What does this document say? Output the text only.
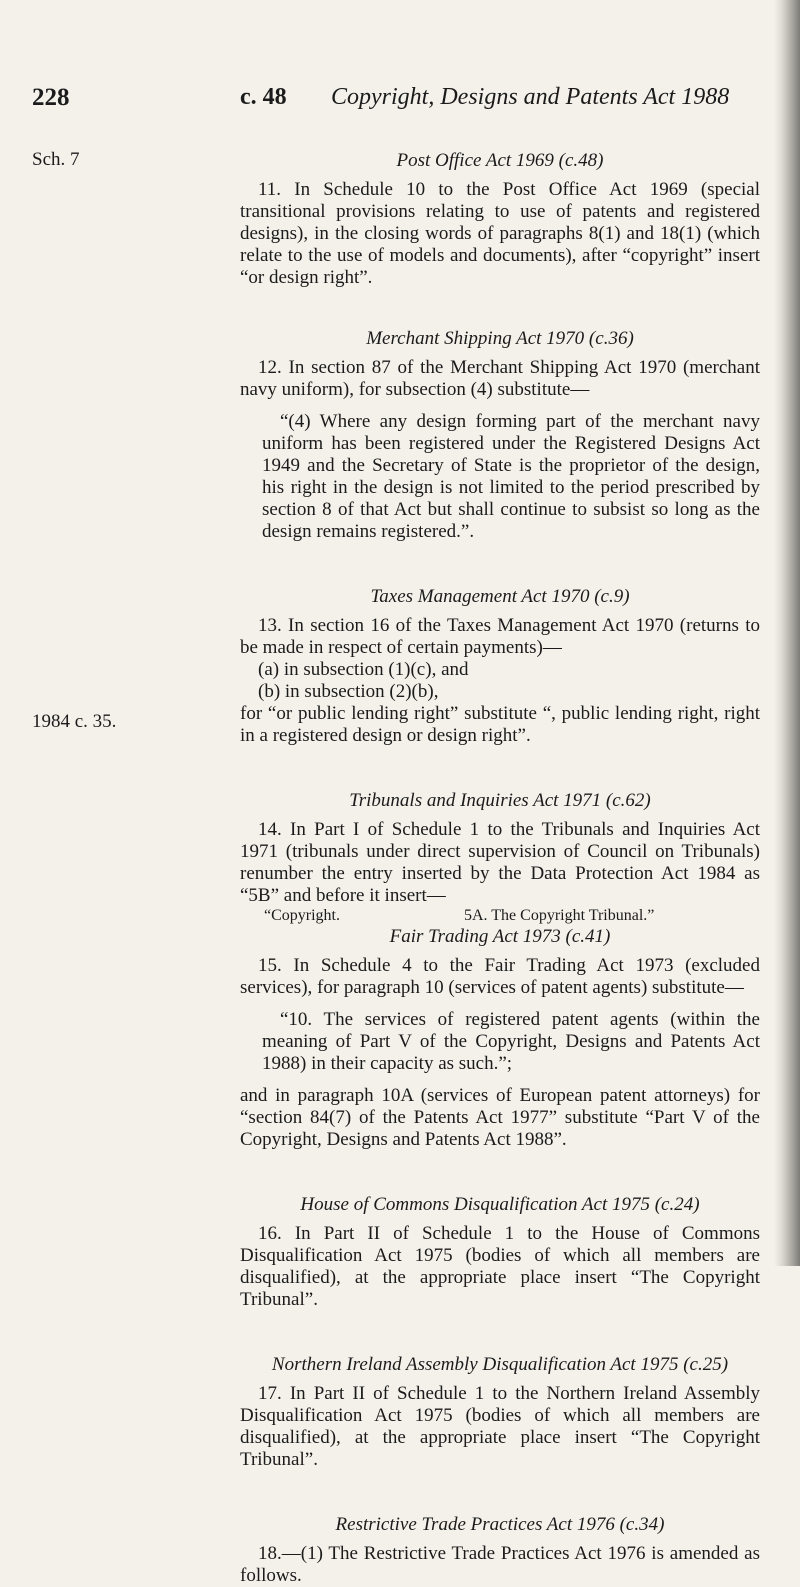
228	c. 48 Copyright, Designs and Patents Act 1988
Sch. 7
1984 c. 35.
Post Office Act 1969 (c.48)

11. In Schedule 10 to the Post Office Act 1969 (special transitional provisions relating to use of patents and registered designs), in the closing words of paragraphs 8(1) and 18(1) (which relate to the use of models and documents), after “copyright” insert “or design right”.

Merchant Shipping Act 1970 (c.36)

12. In section 87 of the Merchant Shipping Act 1970 (merchant navy uniform), for subsection (4) substitute—

“(4) Where any design forming part of the merchant navy uniform has been registered under the Registered Designs Act 1949 and the Secretary of State is the proprietor of the design, his right in the design is not limited to the period prescribed by section 8 of that Act but shall continue to subsist so long as the design remains registered.”.

Taxes Management Act 1970 (c.9)

13. In section 16 of the Taxes Management Act 1970 (returns to be made in respect of certain payments)—

(a) in subsection (1)(c), and

(b) in subsection (2)(b),

for “or public lending right” substitute “, public lending right, right in a registered design or design right”.

Tribunals and Inquiries Act 1971 (c.62)

14. In Part I of Schedule 1 to the Tribunals and Inquiries Act 1971 (tribunals under direct supervision of Council on Tribunals) renumber the entry inserted by the Data Protection Act 1984 as “5B” and before it insert—

“Copyright.	5A. The Copyright Tribunal.”
Fair Trading Act 1973 (c.41)

15. In Schedule 4 to the Fair Trading Act 1973 (excluded services), for paragraph 10 (services of patent agents) substitute—

“10. The services of registered patent agents (within the meaning of Part V of the Copyright, Designs and Patents Act 1988) in their capacity as such.”;

and in paragraph 10A (services of European patent attorneys) for “section 84(7) of the Patents Act 1977” substitute “Part V of the Copyright, Designs and Patents Act 1988”.

House of Commons Disqualification Act 1975 (c.24)

16. In Part II of Schedule 1 to the House of Commons Disqualification Act 1975 (bodies of which all members are disqualified), at the appropriate place insert “The Copyright Tribunal”.

Northern Ireland Assembly Disqualification Act 1975 (c.25)

17. In Part II of Schedule 1 to the Northern Ireland Assembly Disqualification Act 1975 (bodies of which all members are disqualified), at the appropriate place insert “The Copyright Tribunal”.

Restrictive Trade Practices Act 1976 (c.34)

18.—(1) The Restrictive Trade Practices Act 1976 is amended as follows.
